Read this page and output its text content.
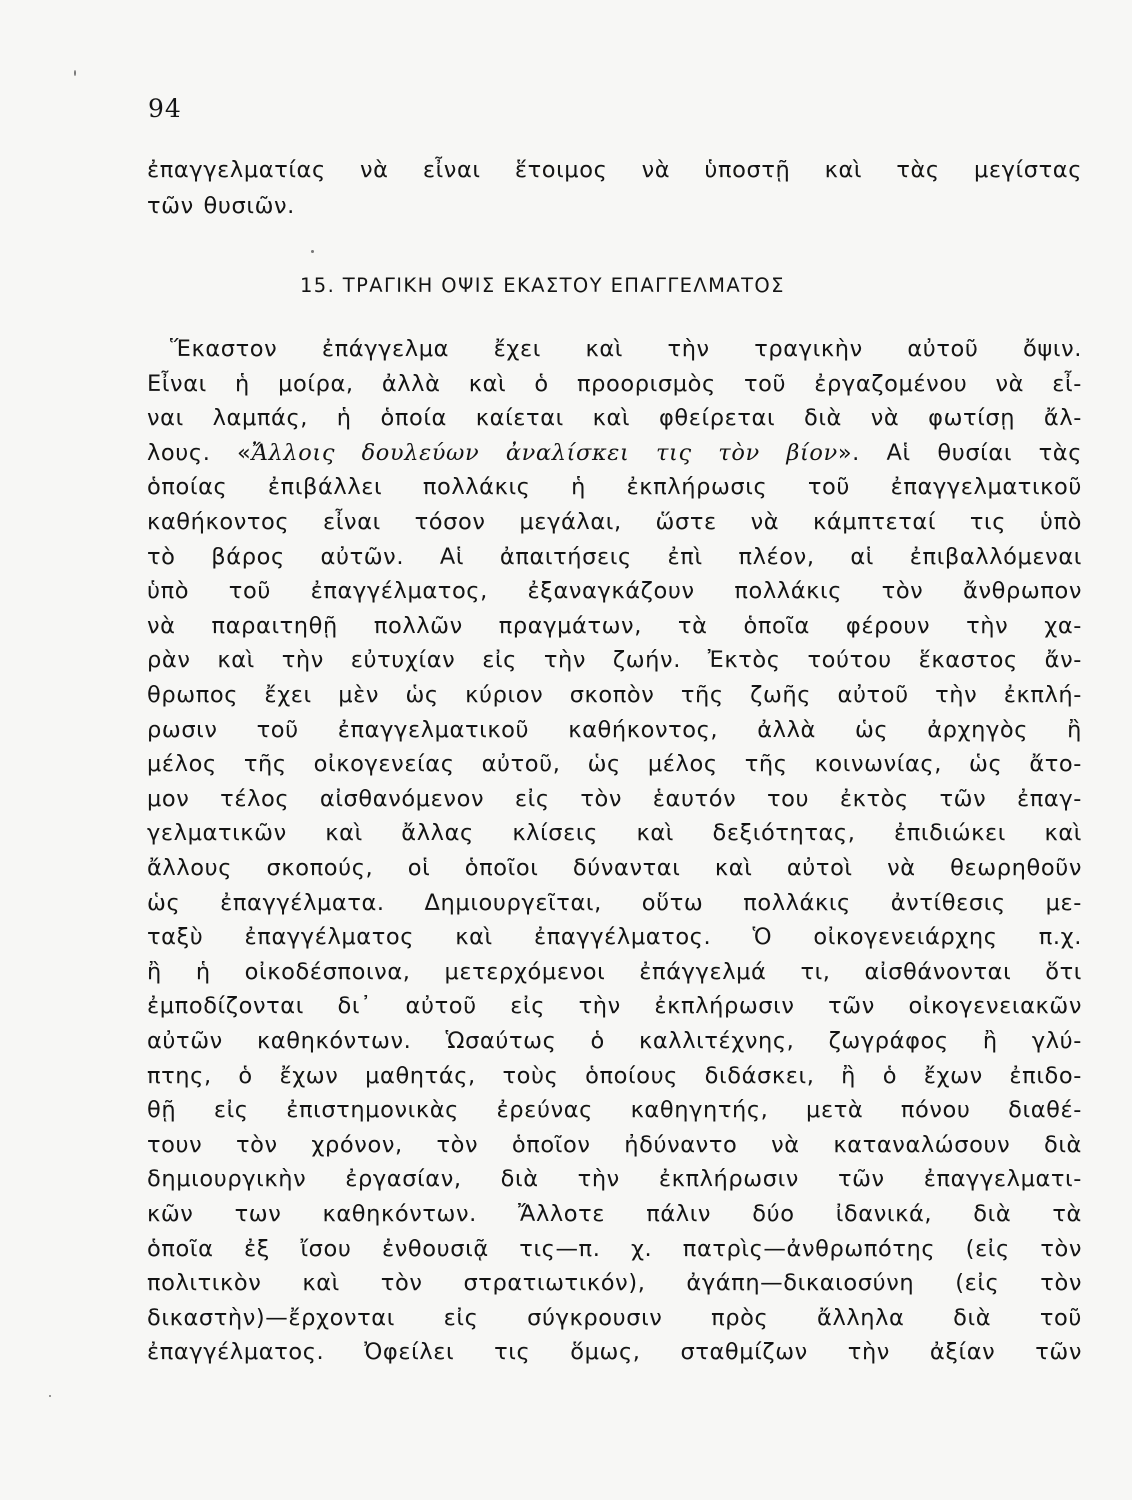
94
ἐπαγγελματίας νὰ εἶναι ἕτοιμος νὰ ὑποστῇ καὶ τὰς μεγίστας
τῶν θυσιῶν.
15. ΤΡΑΓΙΚΗ ΟΨΙΣ ΕΚΑΣΤΟΥ ΕΠΑΓΓΕΛΜΑΤΟΣ
Ἕκαστον ἐπάγγελμα ἔχει καὶ τὴν τραγικὴν αὐτοῦ ὄψιν.
Εἶναι ἡ μοίρα, ἀλλὰ καὶ ὁ προορισμὸς τοῦ ἐργαζομένου νὰ εἶ-
ναι λαμπάς, ἡ ὁποία καίεται καὶ φθείρεται διὰ νὰ φωτίσῃ ἄλ-
λους. «Ἄλλοις δουλεύων ἀναλίσκει τις τὸν βίον». Αἱ θυσίαι τὰς
ὁποίας ἐπιβάλλει πολλάκις ἡ ἐκπλήρωσις τοῦ ἐπαγγελματικοῦ
καθήκοντος εἶναι τόσον μεγάλαι, ὥστε νὰ κάμπτεταί τις ὑπὸ
τὸ βάρος αὐτῶν. Αἱ ἀπαιτήσεις ἐπὶ πλέον, αἱ ἐπιβαλλόμεναι
ὑπὸ τοῦ ἐπαγγέλματος, ἐξαναγκάζουν πολλάκις τὸν ἄνθρωπον
νὰ παραιτηθῇ πολλῶν πραγμάτων, τὰ ὁποῖα φέρουν τὴν χα-
ρὰν καὶ τὴν εὐτυχίαν εἰς τὴν ζωήν. Ἐκτὸς τούτου ἕκαστος ἄν-
θρωπος ἔχει μὲν ὡς κύριον σκοπὸν τῆς ζωῆς αὐτοῦ τὴν ἐκπλή-
ρωσιν τοῦ ἐπαγγελματικοῦ καθήκοντος, ἀλλὰ ὡς ἀρχηγὸς ἢ
μέλος τῆς οἰκογενείας αὐτοῦ, ὡς μέλος τῆς κοινωνίας, ὡς ἄτο-
μον τέλος αἰσθανόμενον εἰς τὸν ἑαυτόν του ἐκτὸς τῶν ἐπαγ-
γελματικῶν καὶ ἄλλας κλίσεις καὶ δεξιότητας, ἐπιδιώκει καὶ
ἄλλους σκοπούς, οἱ ὁποῖοι δύνανται καὶ αὐτοὶ νὰ θεωρηθοῦν
ὡς ἐπαγγέλματα. Δημιουργεῖται, οὕτω πολλάκις ἀντίθεσις με-
ταξὺ ἐπαγγέλματος καὶ ἐπαγγέλματος. Ὁ οἰκογενειάρχης π.χ.
ἢ ἡ οἰκοδέσποινα, μετερχόμενοι ἐπάγγελμά τι, αἰσθάνονται ὅτι
ἐμποδίζονται δι᾽ αὐτοῦ εἰς τὴν ἐκπλήρωσιν τῶν οἰκογενειακῶν
αὐτῶν καθηκόντων. Ὡσαύτως ὁ καλλιτέχνης, ζωγράφος ἢ γλύ-
πτης, ὁ ἔχων μαθητάς, τοὺς ὁποίους διδάσκει, ἢ ὁ ἔχων ἐπιδο-
θῇ εἰς ἐπιστημονικὰς ἐρεύνας καθηγητής, μετὰ πόνου διαθέ-
τουν τὸν χρόνον, τὸν ὁποῖον ἠδύναντο νὰ καταναλώσουν διὰ
δημιουργικὴν ἐργασίαν, διὰ τὴν ἐκπλήρωσιν τῶν ἐπαγγελματι-
κῶν των καθηκόντων. Ἄλλοτε πάλιν δύο ἰδανικά, διὰ τὰ
ὁποῖα ἐξ ἴσου ἐνθουσιᾷ τις—π. χ. πατρὶς—ἀνθρωπότης (εἰς τὸν
πολιτικὸν καὶ τὸν στρατιωτικόν), ἀγάπη—δικαιοσύνη (εἰς τὸν
δικαστὴν)—ἔρχονται εἰς σύγκρουσιν πρὸς ἄλληλα διὰ τοῦ
ἐπαγγέλματος. Ὀφείλει τις ὅμως, σταθμίζων τὴν ἀξίαν τῶν
